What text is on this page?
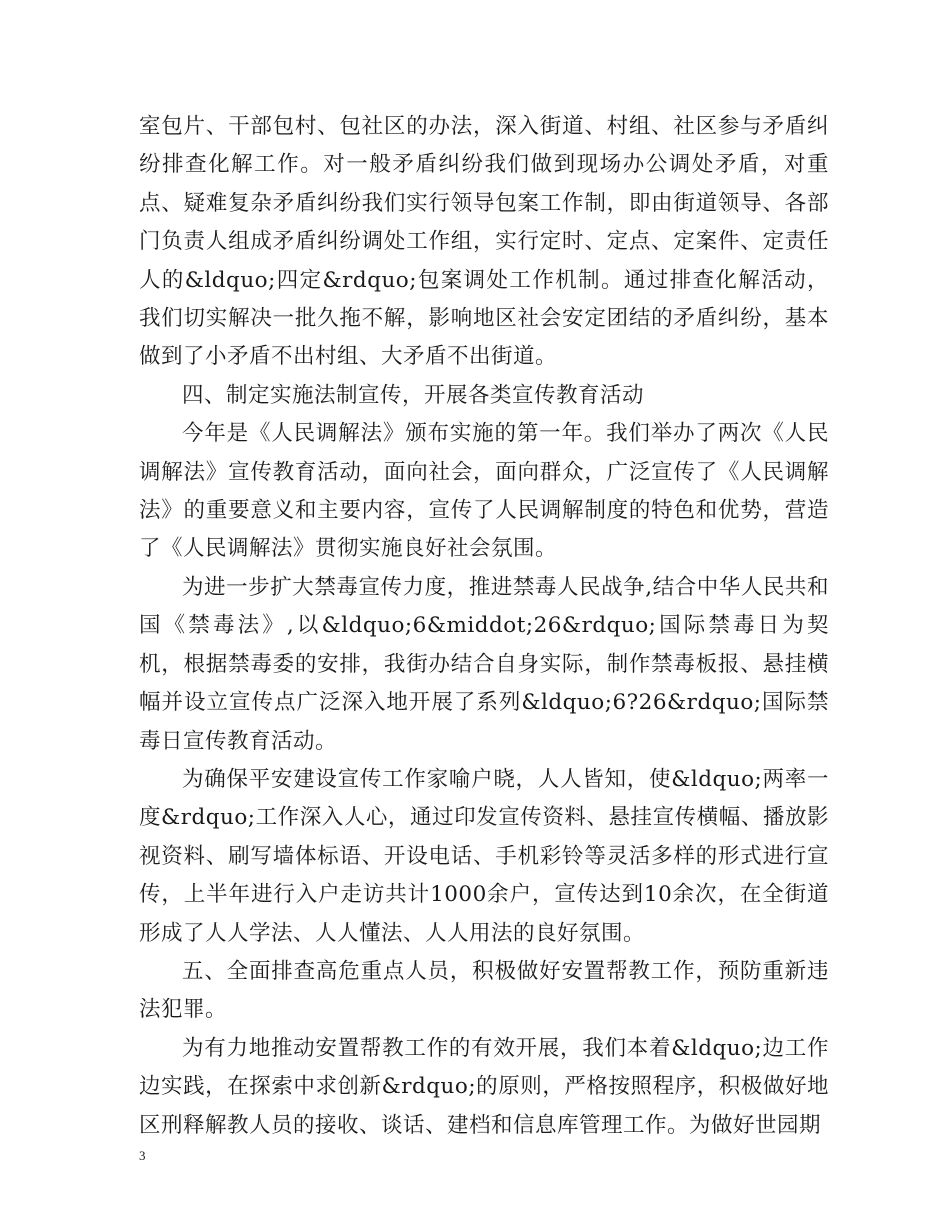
室包片、干部包村、包社区的办法，深入街道、村组、社区参与矛盾纠纷排查化解工作。对一般矛盾纠纷我们做到现场办公调处矛盾，对重点、疑难复杂矛盾纠纷我们实行领导包案工作制，即由街道领导、各部门负责人组成矛盾纠纷调处工作组，实行定时、定点、定案件、定责任人的&ldquo;四定&rdquo;包案调处工作机制。通过排查化解活动，我们切实解决一批久拖不解，影响地区社会安定团结的矛盾纠纷，基本做到了小矛盾不出村组、大矛盾不出街道。

四、制定实施法制宣传，开展各类宣传教育活动

今年是《人民调解法》颁布实施的第一年。我们举办了两次《人民调解法》宣传教育活动，面向社会，面向群众，广泛宣传了《人民调解法》的重要意义和主要内容，宣传了人民调解制度的特色和优势，营造了《人民调解法》贯彻实施良好社会氛围。

为进一步扩大禁毒宣传力度，推进禁毒人民战争,结合中华人民共和国《禁毒法》,以&ldquo;6&middot;26&rdquo;国际禁毒日为契机，根据禁毒委的安排，我街办结合自身实际，制作禁毒板报、悬挂横幅并设立宣传点广泛深入地开展了系列&ldquo;6?26&rdquo;国际禁毒日宣传教育活动。

为确保平安建设宣传工作家喻户晓，人人皆知，使&ldquo;两率一度&rdquo;工作深入人心，通过印发宣传资料、悬挂宣传横幅、播放影视资料、刷写墙体标语、开设电话、手机彩铃等灵活多样的形式进行宣传，上半年进行入户走访共计1000余户，宣传达到10余次，在全街道形成了人人学法、人人懂法、人人用法的良好氛围。

五、全面排查高危重点人员，积极做好安置帮教工作，预防重新违法犯罪。

为有力地推动安置帮教工作的有效开展，我们本着&ldquo;边工作边实践，在探索中求创新&rdquo;的原则，严格按照程序，积极做好地区刑释解教人员的接收、谈话、建档和信息库管理工作。为做好世园期

3
